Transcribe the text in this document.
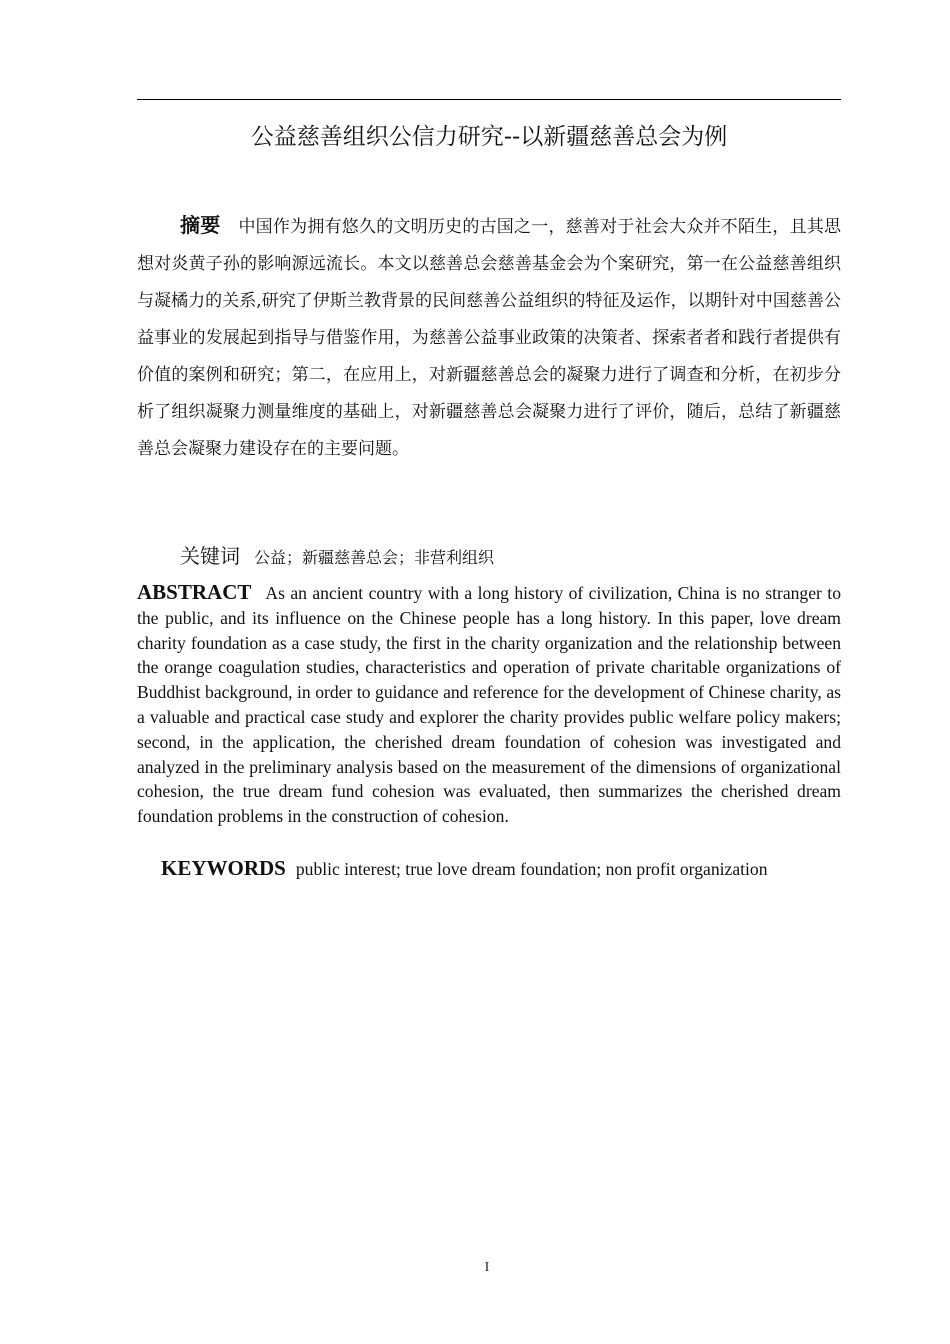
公益慈善组织公信力研究--以新疆慈善总会为例
摘要 中国作为拥有悠久的文明历史的古国之一，慈善对于社会大众并不陌生，且其思想对炎黄子孙的影响源远流长。本文以慈善总会慈善基金会为个案研究，第一在公益慈善组织与凝橘力的关系,研究了伊斯兰教背景的民间慈善公益组织的特征及运作，以期针对中国慈善公益事业的发展起到指导与借鉴作用，为慈善公益事业政策的决策者、探索者者和践行者提供有价值的案例和研究；第二，在应用上，对新疆慈善总会的凝聚力进行了调查和分析，在初步分析了组织凝聚力测量维度的基础上，对新疆慈善总会凝聚力进行了评价，随后，总结了新疆慈善总会凝聚力建设存在的主要问题。
关键词 公益；新疆慈善总会；非营利组织
ABSTRACT As an ancient country with a long history of civilization, China is no stranger to the public, and its influence on the Chinese people has a long history. In this paper, love dream charity foundation as a case study, the first in the charity organization and the relationship between the orange coagulation studies, characteristics and operation of private charitable organizations of Buddhist background, in order to guidance and reference for the development of Chinese charity, as a valuable and practical case study and explorer the charity provides public welfare policy makers; second, in the application, the cherished dream foundation of cohesion was investigated and analyzed in the preliminary analysis based on the measurement of the dimensions of organizational cohesion, the true dream fund cohesion was evaluated, then summarizes the cherished dream foundation problems in the construction of cohesion.
KEYWORDS public interest; true love dream foundation; non profit organization
I
